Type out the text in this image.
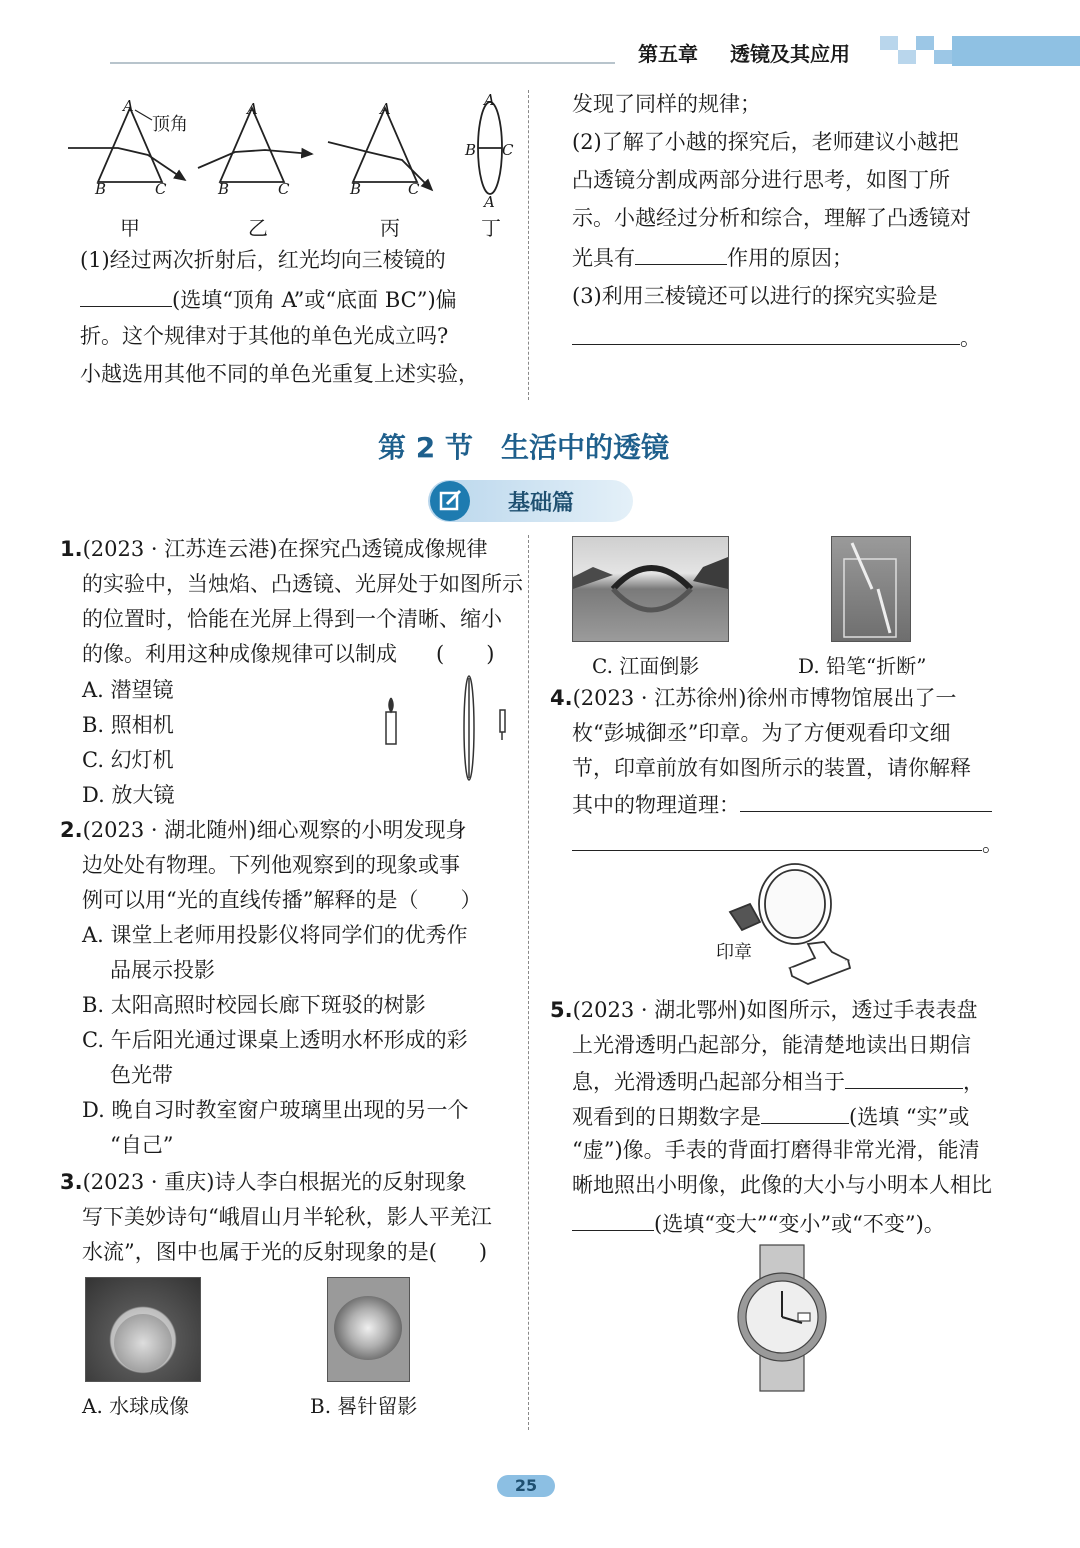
第五章 透镜及其应用
A
顶角
B	C
A
B	C
A
B	C
A
B C
A
甲	乙	丙	丁
(1)经过两次折射后，红光均向三棱镜的
(选填“顶角 A”或“底面 BC”)偏
折。这个规律对于其他的单色光成立吗?
小越选用其他不同的单色光重复上述实验，
发现了同样的规律；
(2)了解了小越的探究后，老师建议小越把
凸透镜分割成两部分进行思考，如图丁所
示。小越经过分析和综合，理解了凸透镜对
光具有	作用的原因；
(3)利用三棱镜还可以进行的探究实验是
。
第 2 节　生活中的透镜
基础篇
1.(2023 · 江苏连云港)在探究凸透镜成像规律
的实验中，当烛焰、凸透镜、光屏处于如图所示
的位置时，恰能在光屏上得到一个清晰、缩小
的像。利用这种成像规律可以制成 (　　)
A. 潜望镜
B. 照相机
C. 幻灯机
D. 放大镜
2.(2023 · 湖北随州)细心观察的小明发现身
边处处有物理。下列他观察到的现象或事
例可以用“光的直线传播”解释的是（　　）
A. 课堂上老师用投影仪将同学们的优秀作
品展示投影
B. 太阳高照时校园长廊下斑驳的树影
C. 午后阳光通过课桌上透明水杯形成的彩
色光带
D. 晚自习时教室窗户玻璃里出现的另一个
“自己”
3.(2023 · 重庆)诗人李白根据光的反射现象
写下美妙诗句“峨眉山月半轮秋，影人平羌江
水流”，图中也属于光的反射现象的是(　　)
A. 水球成像	B. 晷针留影
C. 江面倒影	D. 铅笔“折断”
4.(2023 · 江苏徐州)徐州市博物馆展出了一
枚“彭城御丞”印章。为了方便观看印文细
节，印章前放有如图所示的装置，请你解释
其中的物理道理：
。
印章
5.(2023 · 湖北鄂州)如图所示，透过手表表盘
上光滑透明凸起部分，能清楚地读出日期信
息，光滑透明凸起部分相当于	，
观看到的日期数字是	(选填 “实”或
“虚”)像。手表的背面打磨得非常光滑，能清
晰地照出小明像，此像的大小与小明本人相比
(选填“变大”“变小”或“不变”)。
25
